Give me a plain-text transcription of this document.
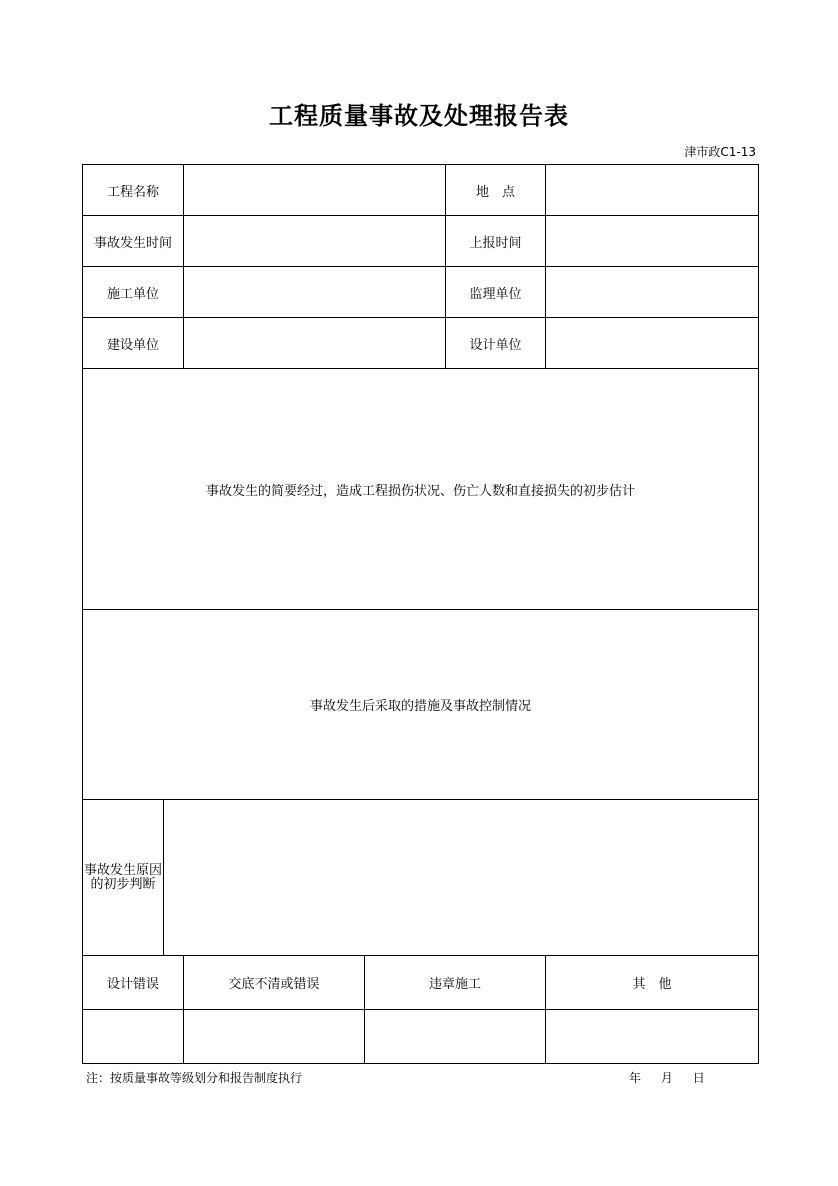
工程质量事故及处理报告表
津市政C1-13
工程名称				地　点	
事故发生时间				上报时间	
施工单位				监理单位	
建设单位				设计单位	
事故发生的简要经过，造成工程损伤状况、伤亡人数和直接损失的初步估计					
事故发生后采取的措施及事故控制情况					
事故发生原因的初步判断					
设计错误		交底不清或错误	违章施工		其　他

注：按质量事故等级划分和报告制度执行	年 月 日
